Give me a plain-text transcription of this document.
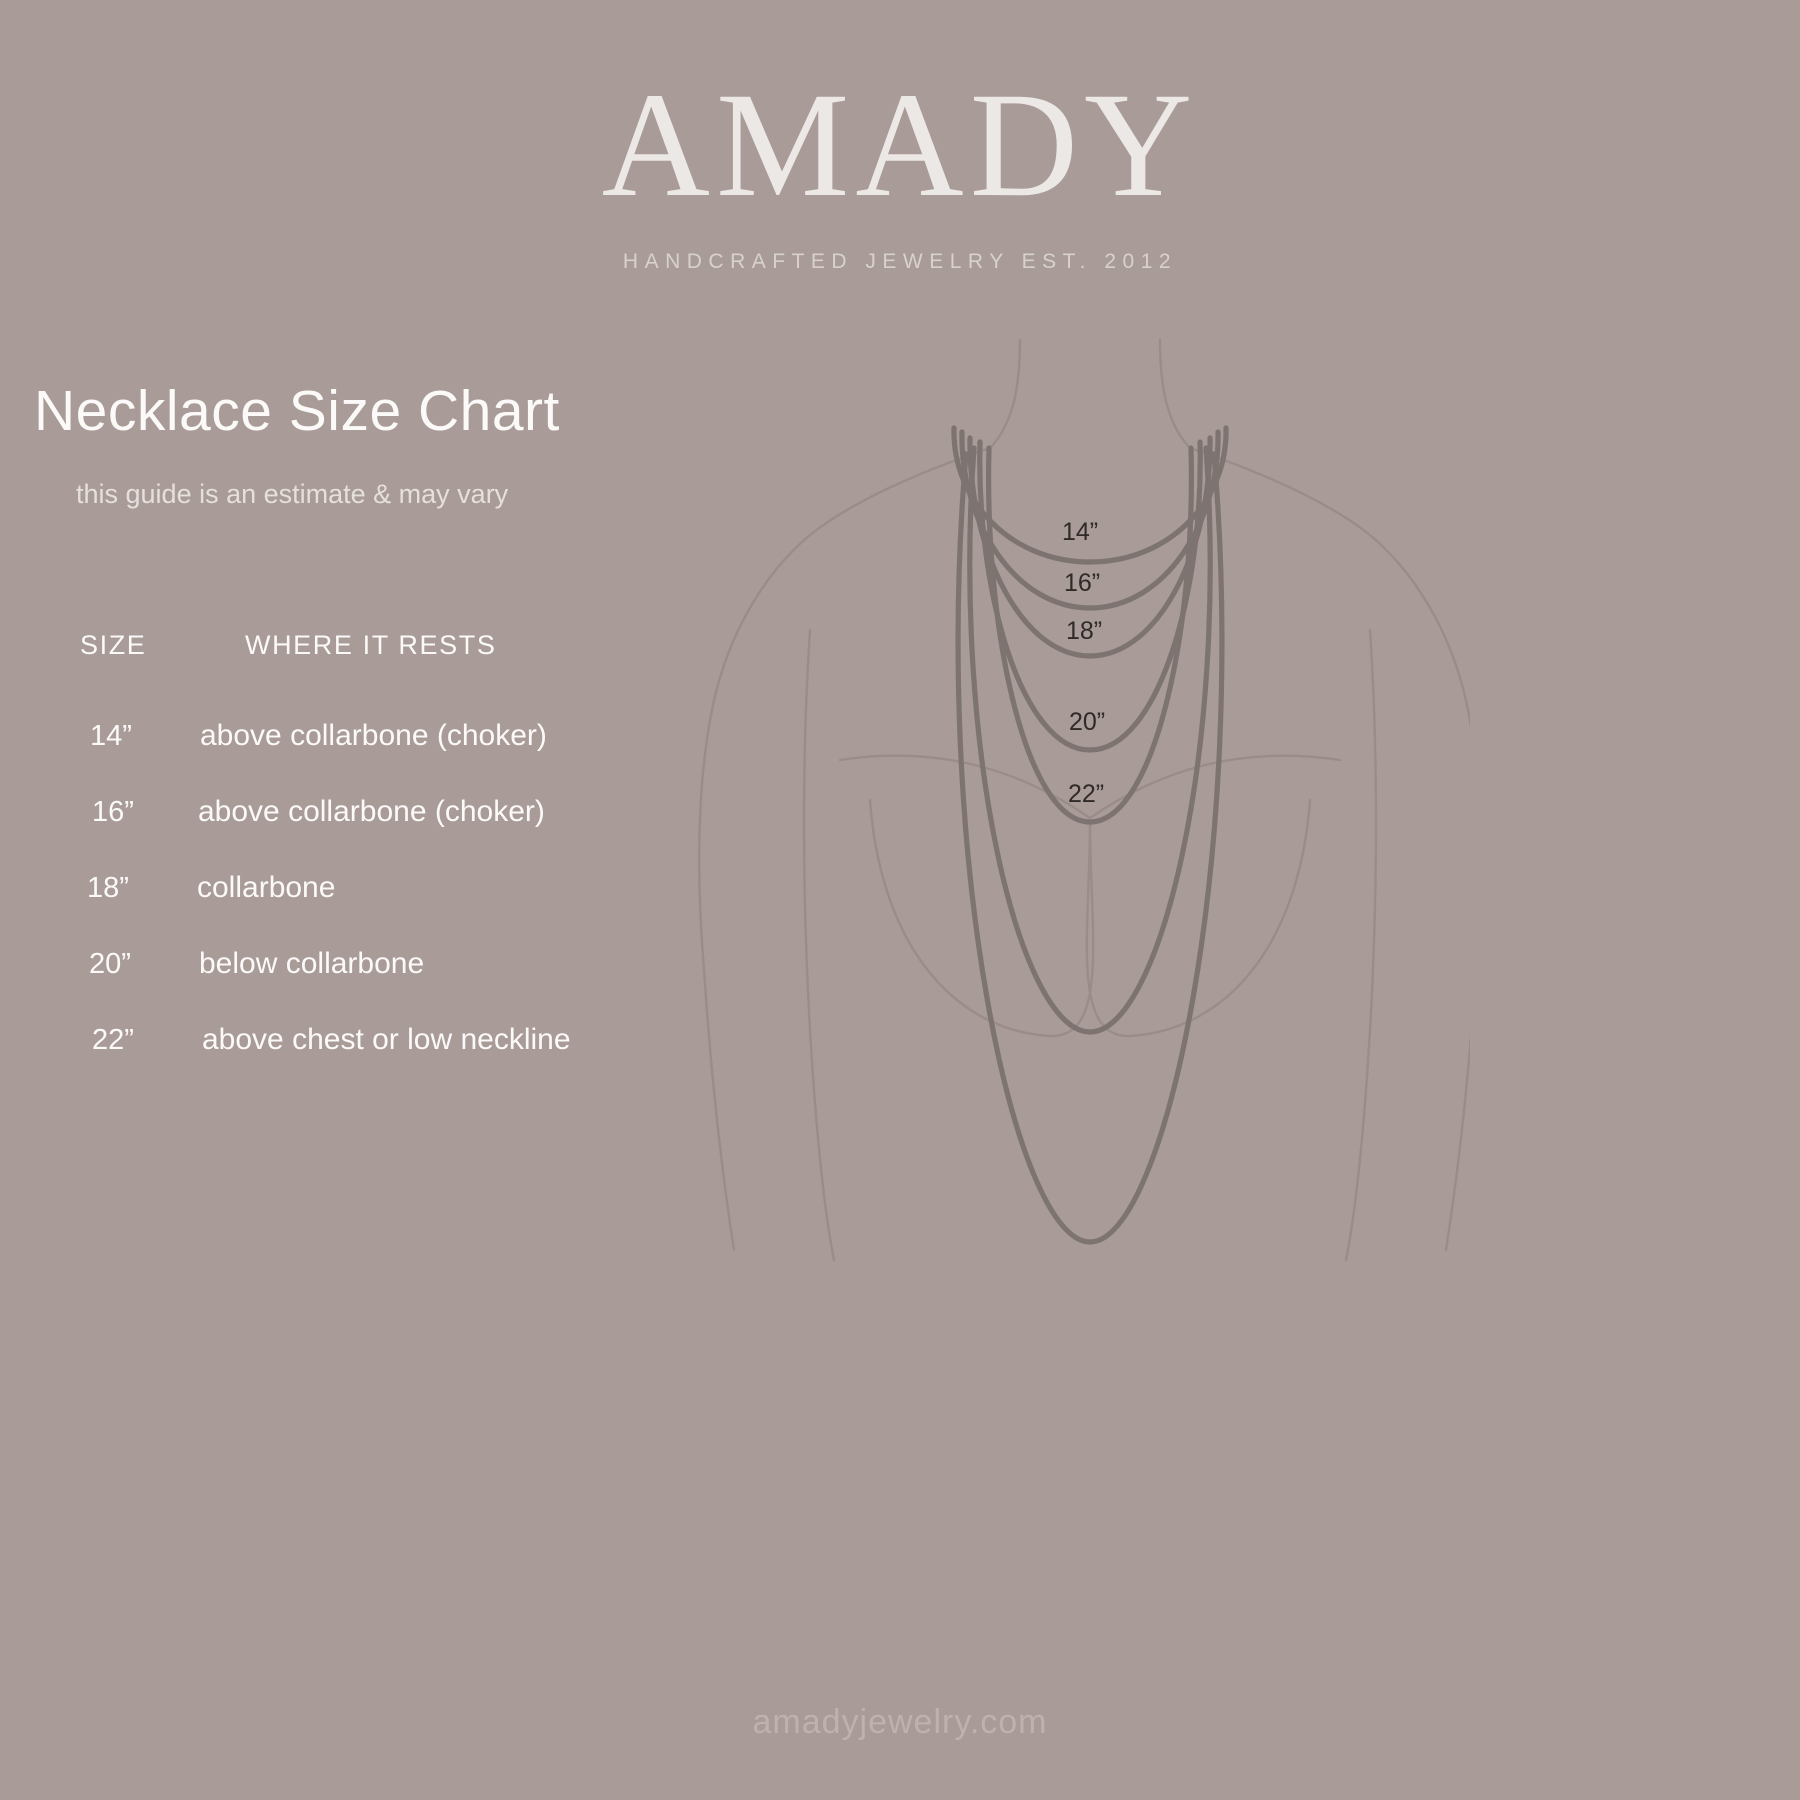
AMADY
HANDCRAFTED JEWELRY EST. 2012
Necklace Size Chart
this guide is an estimate & may vary
SIZE	WHERE IT RESTS
14”	above collarbone (choker)
16”	above collarbone (choker)
18”	collarbone
20”	below collarbone
22”	above chest or low neckline
14”
16”
18”
20”
22”
amadyjewelry.com
